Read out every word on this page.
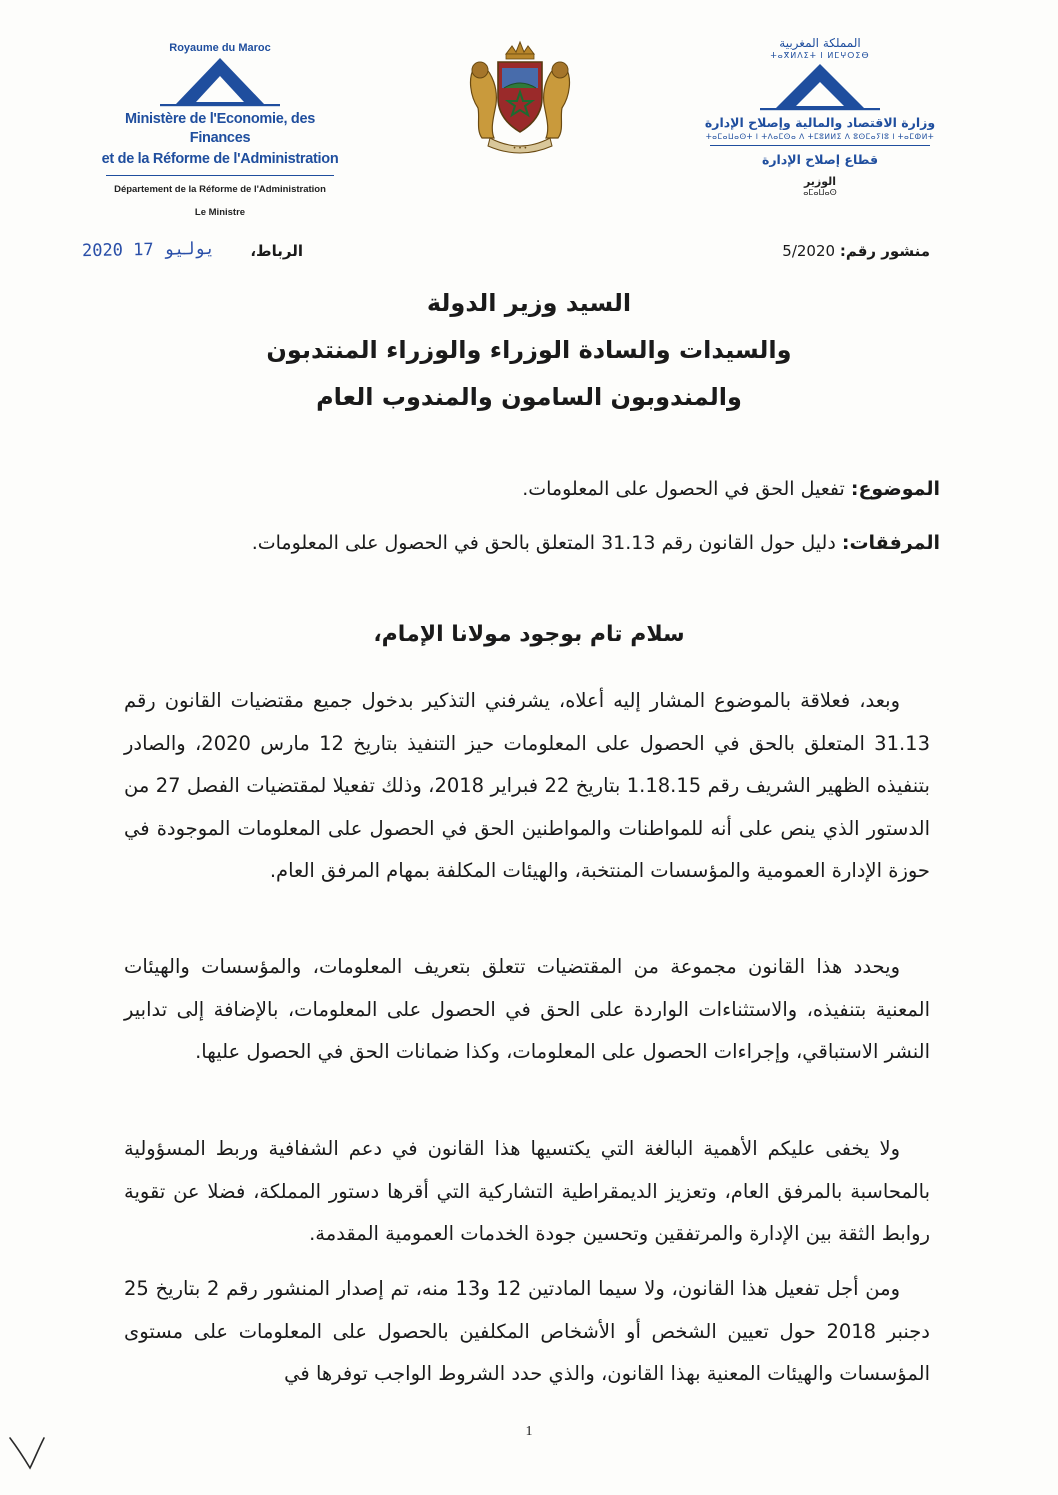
Royaume du Maroc
Ministère de l'Economie, des Finances
et de la Réforme de l'Administration
Département de la Réforme de l'Administration
Le Ministre
• • •
المملكة المغربية
ⵜⴰⴳⵍⴷⵉⵜ ⵏ ⵍⵎⵖⵔⵉⴱ
وزارة الاقتصاد والمالية وإصلاح الإدارة
ⵜⴰⵎⴰⵡⴰⵙⵜ ⵏ ⵜⴷⴰⵎⵙⴰ ⴷ ⵜⵎⵓⵍⵍⵉ ⴷ ⵓⵙⵎⴰⵢⵏⵓ ⵏ ⵜⴰⵎⵀⵍⵜ
قطاع إصلاح الإدارة
الوزير
ⴰⵎⴰⵡⴰⵙ
منشور رقم: 5/2020
الرباط،
2020 يوليو 17
السيد وزير الدولة
والسيدات والسادة الوزراء والوزراء المنتدبون
والمندوبون السامون والمندوب العام
الموضوع: تفعيل الحق في الحصول على المعلومات.
المرفقات: دليل حول القانون رقم 31.13 المتعلق بالحق في الحصول على المعلومات.
سلام تام بوجود مولانا الإمام،

وبعد، فعلاقة بالموضوع المشار إليه أعلاه، يشرفني التذكير بدخول جميع مقتضيات القانون رقم 31.13 المتعلق بالحق في الحصول على المعلومات حيز التنفيذ بتاريخ 12 مارس 2020، والصادر بتنفيذه الظهير الشريف رقم 1.18.15 بتاريخ 22 فبراير 2018، وذلك تفعيلا لمقتضيات الفصل 27 من الدستور الذي ينص على أنه للمواطنات والمواطنين الحق في الحصول على المعلومات الموجودة في حوزة الإدارة العمومية والمؤسسات المنتخبة، والهيئات المكلفة بمهام المرفق العام.

ويحدد هذا القانون مجموعة من المقتضيات تتعلق بتعريف المعلومات، والمؤسسات والهيئات المعنية بتنفيذه، والاستثناءات الواردة على الحق في الحصول على المعلومات، بالإضافة إلى تدابير النشر الاستباقي، وإجراءات الحصول على المعلومات، وكذا ضمانات الحق في الحصول عليها.

ولا يخفى عليكم الأهمية البالغة التي يكتسيها هذا القانون في دعم الشفافية وربط المسؤولية بالمحاسبة بالمرفق العام، وتعزيز الديمقراطية التشاركية التي أقرها دستور المملكة، فضلا عن تقوية روابط الثقة بين الإدارة والمرتفقين وتحسين جودة الخدمات العمومية المقدمة.

ومن أجل تفعيل هذا القانون، ولا سيما المادتين 12 و13 منه، تم إصدار المنشور رقم 2 بتاريخ 25 دجنبر 2018 حول تعيين الشخص أو الأشخاص المكلفين بالحصول على المعلومات على مستوى المؤسسات والهيئات المعنية بهذا القانون، والذي حدد الشروط الواجب توفرها في

1
